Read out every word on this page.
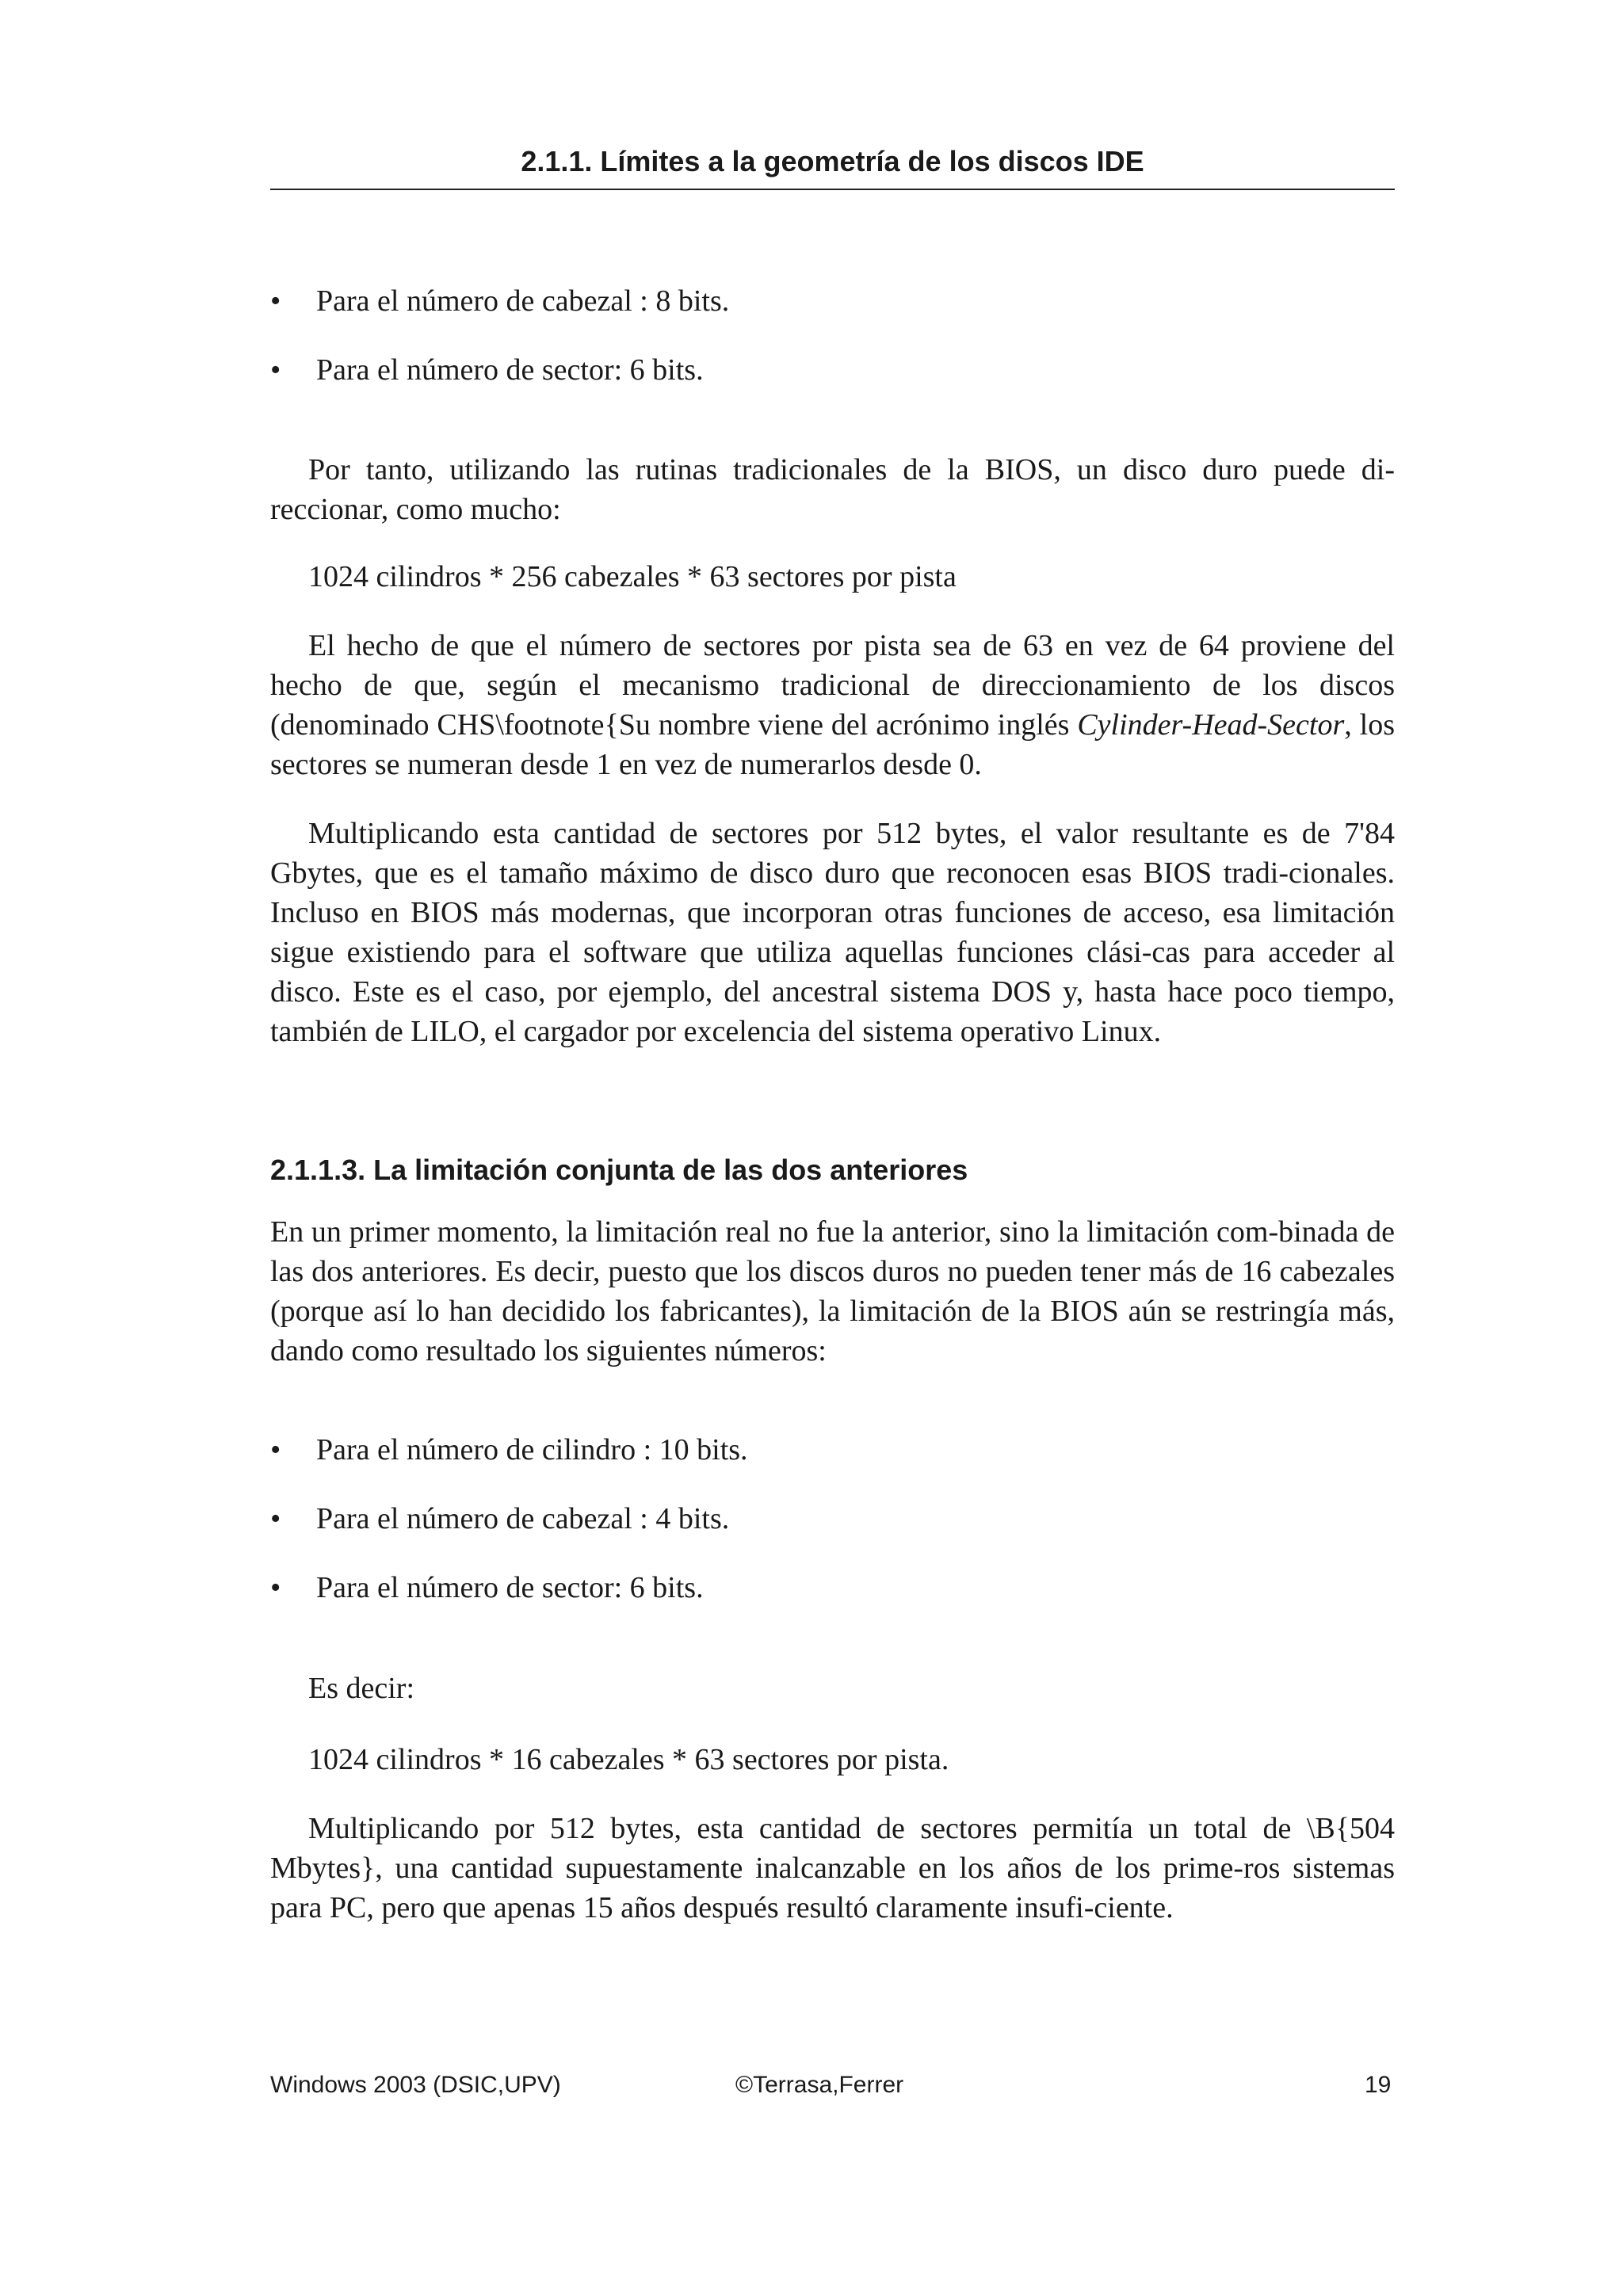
2.1.1. Límites a la geometría de los discos IDE
• Para el número de cabezal : 8 bits.
• Para el número de sector: 6 bits.
Por tanto, utilizando las rutinas tradicionales de la BIOS, un disco duro puede di-reccionar, como mucho:
1024 cilindros * 256 cabezales * 63 sectores por pista
El hecho de que el número de sectores por pista sea de 63 en vez de 64 proviene del hecho de que, según el mecanismo tradicional de direccionamiento de los discos (denominado CHS\footnote{Su nombre viene del acrónimo inglés Cylinder-Head-Sector, los sectores se numeran desde 1 en vez de numerarlos desde 0.
Multiplicando esta cantidad de sectores por 512 bytes, el valor resultante es de 7'84 Gbytes, que es el tamaño máximo de disco duro que reconocen esas BIOS tradi-cionales. Incluso en BIOS más modernas, que incorporan otras funciones de acceso, esa limitación sigue existiendo para el software que utiliza aquellas funciones clási-cas para acceder al disco. Este es el caso, por ejemplo, del ancestral sistema DOS y, hasta hace poco tiempo, también de LILO, el cargador por excelencia del sistema operativo Linux.
2.1.1.3. La limitación conjunta de las dos anteriores
En un primer momento, la limitación real no fue la anterior, sino la limitación com-binada de las dos anteriores. Es decir, puesto que los discos duros no pueden tener más de 16 cabezales (porque así lo han decidido los fabricantes), la limitación de la BIOS aún se restringía más, dando como resultado los siguientes números:
• Para el número de cilindro : 10 bits.
• Para el número de cabezal : 4 bits.
• Para el número de sector: 6 bits.
Es decir:
1024 cilindros * 16 cabezales * 63 sectores por pista.
Multiplicando por 512 bytes, esta cantidad de sectores permitía un total de \B{504 Mbytes}, una cantidad supuestamente inalcanzable en los años de los prime-ros sistemas para PC, pero que apenas 15 años después resultó claramente insufi-ciente.
Windows 2003 (DSIC,UPV)	©Terrasa,Ferrer	19
